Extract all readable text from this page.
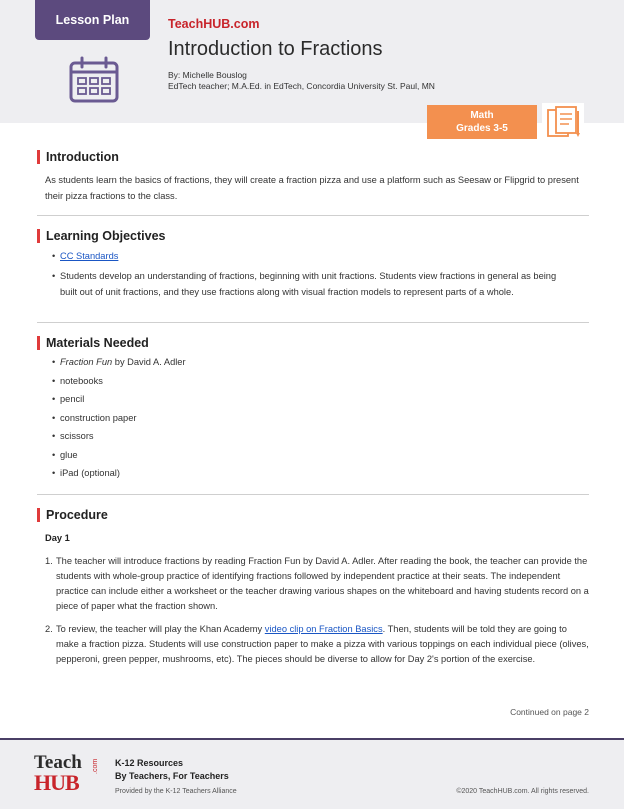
Lesson Plan	TeachHUB.com
Introduction to Fractions
By: Michelle Bouslog
EdTech teacher; M.A.Ed. in EdTech, Concordia University St. Paul, MN
Math
Grades 3-5
Introduction
As students learn the basics of fractions, they will create a fraction pizza and use a platform such as Seesaw or Flipgrid to present their pizza fractions to the class.
Learning Objectives
• CC Standards
• Students develop an understanding of fractions, beginning with unit fractions. Students view fractions in general as being built out of unit fractions, and they use fractions along with visual fraction models to represent parts of a whole.
Materials Needed
• Fraction Fun by David A. Adler
• notebooks
• pencil
• construction paper
• scissors
• glue
• iPad (optional)
Procedure
Day 1
1. The teacher will introduce fractions by reading Fraction Fun by David A. Adler. After reading the book, the teacher can provide the students with whole-group practice of identifying fractions followed by independent practice at their seats. The independent practice can include either a worksheet or the teacher drawing various shapes on the whiteboard and having students record on a piece of paper what the fraction shown.
2. To review, the teacher will play the Khan Academy video clip on Fraction Basics. Then, students will be told they are going to make a fraction pizza. Students will use construction paper to make a pizza with various toppings on each individual piece (olives, pepperoni, green pepper, mushrooms, etc). The pieces should be diverse to allow for Day 2's portion of the exercise.
Continued on page 2
Teach
HUB
.com K-12 Resources
By Teachers, For Teachers
Provided by the K-12 Teachers Alliance	©2020 TeachHUB.com. All rights reserved.
